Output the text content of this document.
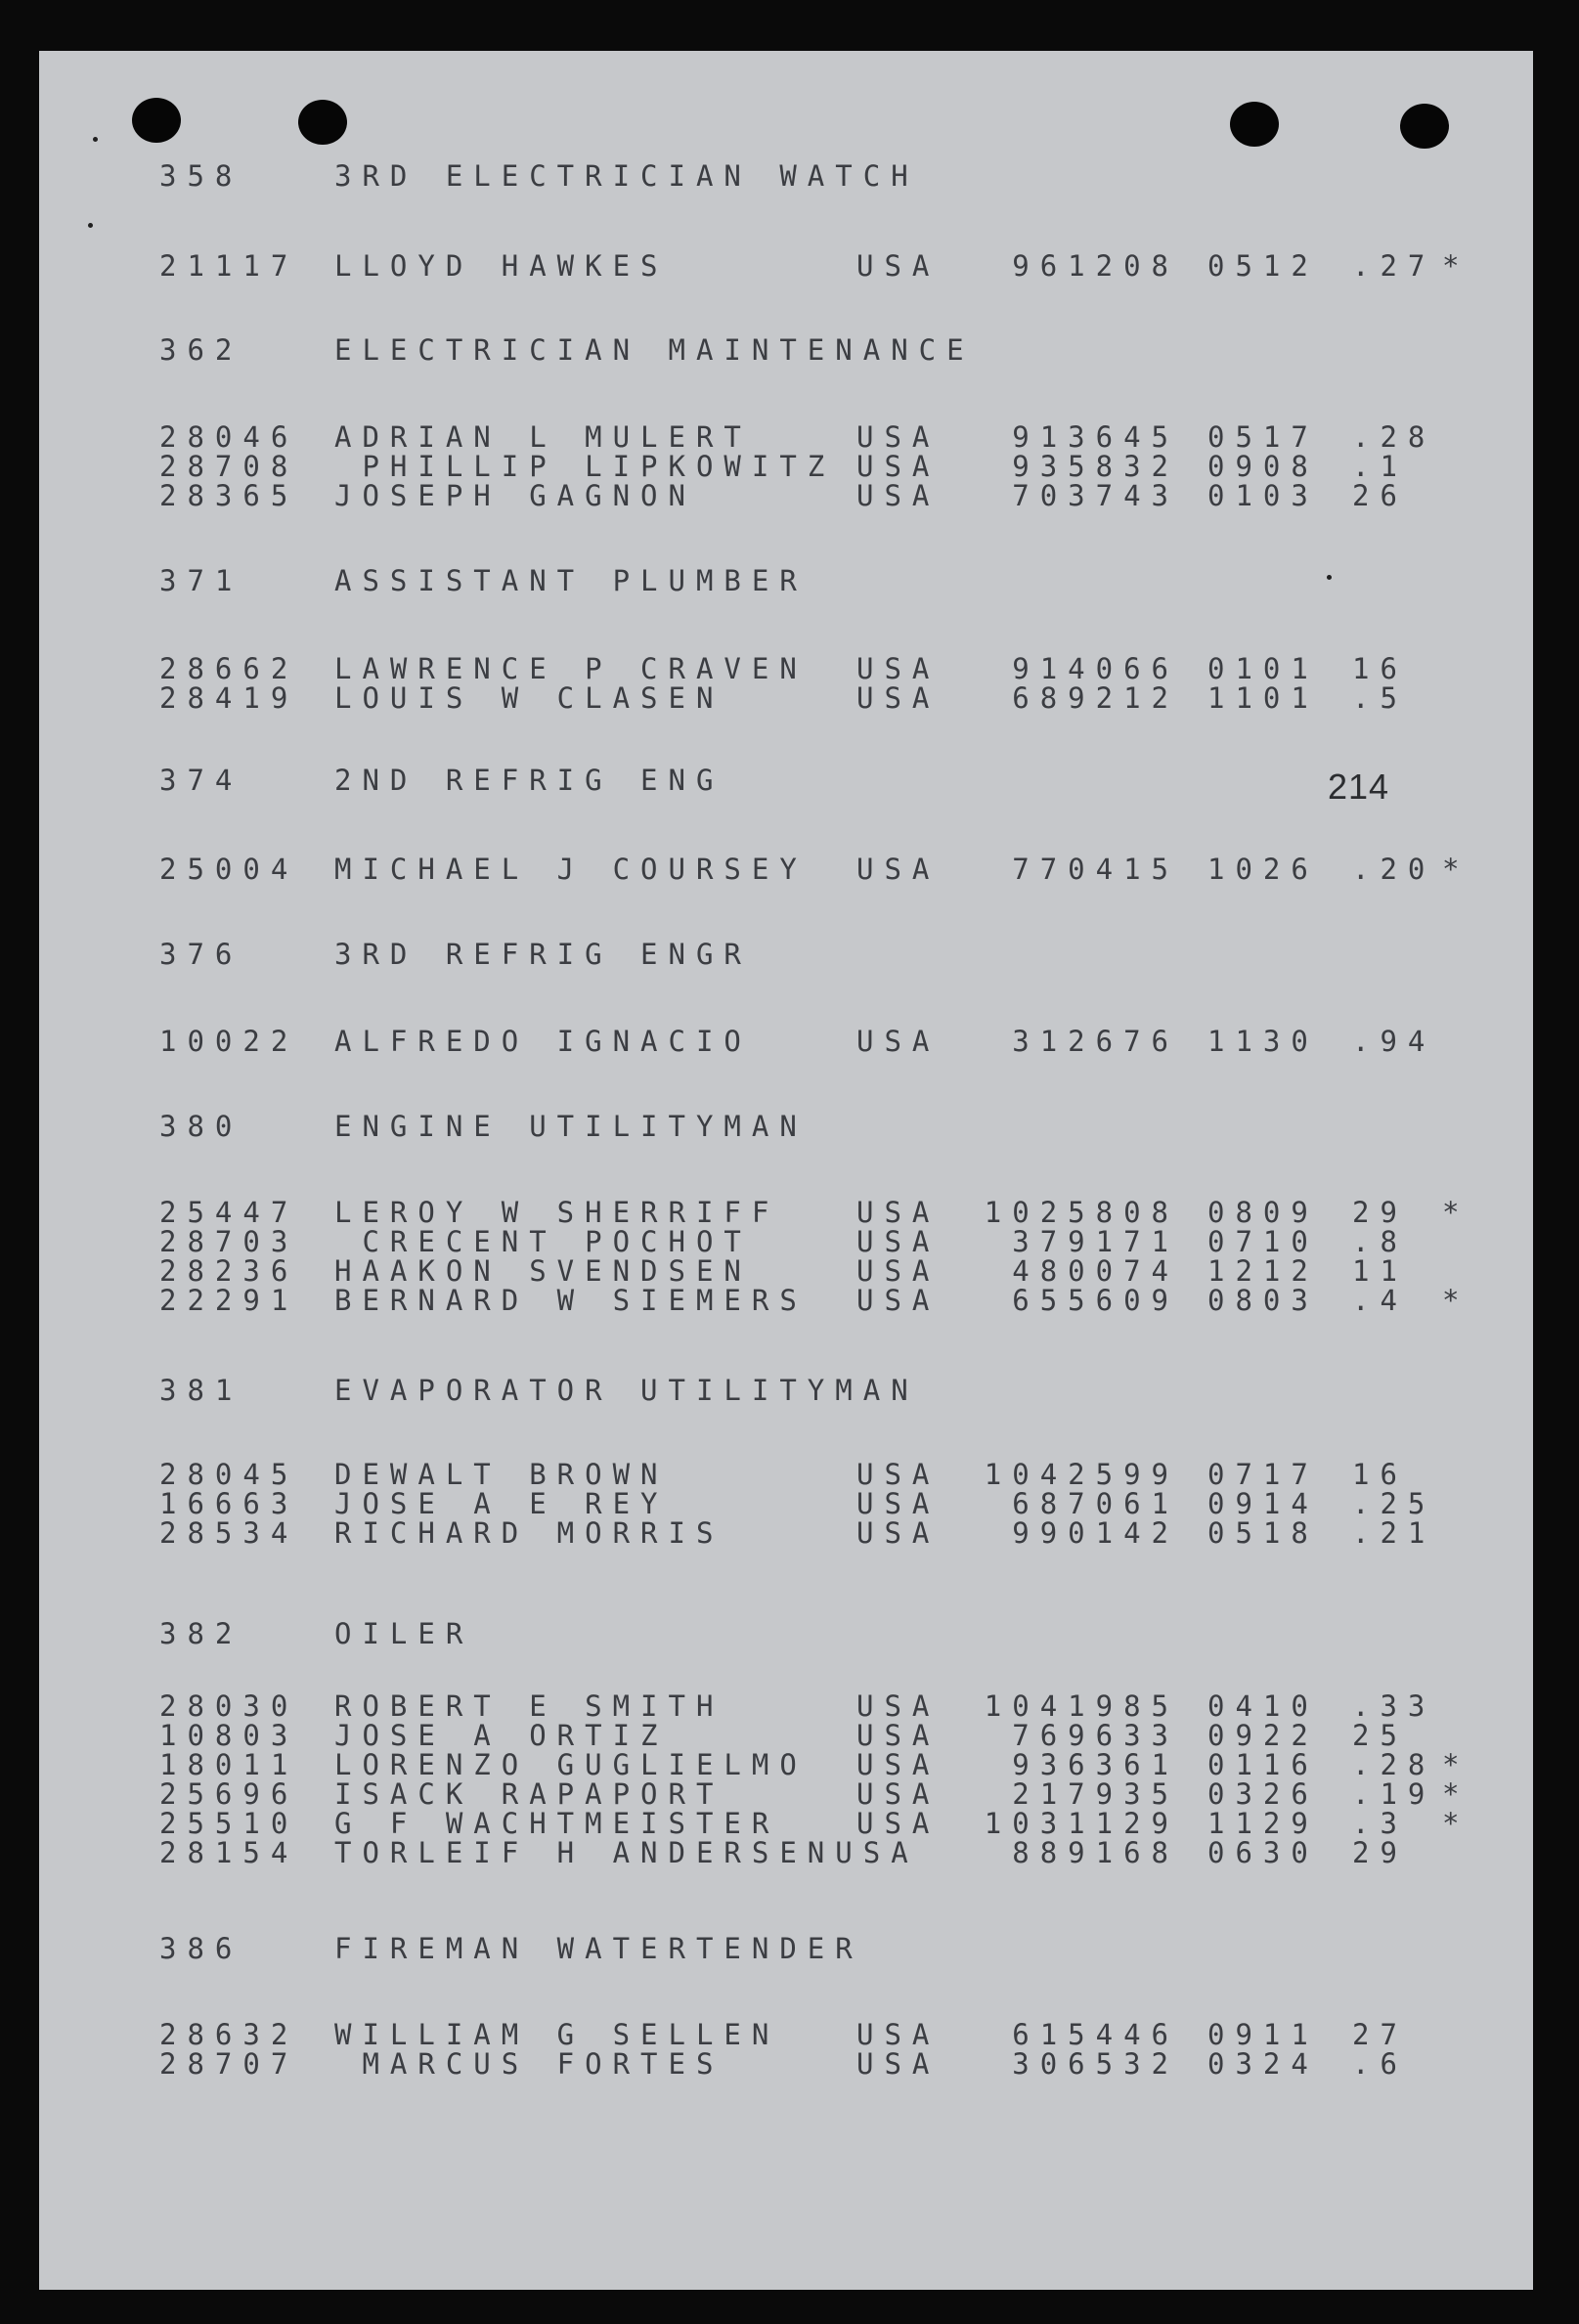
214
358	3RD ELECTRICIAN WATCH
21117 LLOYD HAWKES	USA	961208 0512 .27 *
362	ELECTRICIAN MAINTENANCE
28046 ADRIAN L MULERT	USA	913645 0517 .28
28708 PHILLIP LIPKOWITZ USA	935832 0908 .1
28365 JOSEPH GAGNON	USA	703743 0103 26
371	ASSISTANT PLUMBER
28662 LAWRENCE P CRAVEN USA	914066 0101 16
28419 LOUIS W CLASEN	USA	689212 1101 .5
374	2ND REFRIG ENG
25004 MICHAEL J COURSEY USA	770415 1026 .20 *
376	3RD REFRIG ENGR
10022 ALFREDO IGNACIO	USA	312676 1130 .94
380	ENGINE UTILITYMAN
25447 LEROY W SHERRIFF	USA	1025808 0809 29 *
28703 CRECENT POCHOT	USA	379171 0710 .8
28236 HAAKON SVENDSEN	USA	480074 1212 11
22291 BERNARD W SIEMERS USA	655609 0803 .4 *
381	EVAPORATOR UTILITYMAN
28045 DEWALT BROWN	USA	1042599 0717 16
16663 JOSE A E REY	USA	687061 0914 .25
28534 RICHARD MORRIS	USA	990142 0518 .21
382	OILER
28030 ROBERT E SMITH	USA	1041985 0410 .33
10803 JOSE A ORTIZ	USA	769633 0922 25
18011 LORENZO GUGLIELMO USA	936361 0116 .28 *
25696 ISACK RAPAPORT	USA	217935 0326 .19 *
25510 G F WACHTMEISTER	USA	1031129 1129 .3 *
28154 TORLEIF H ANDERSENUSA	889168 0630 29
386	FIREMAN WATERTENDER
28632 WILLIAM G SELLEN	USA	615446 0911 27
28707 MARCUS FORTES	USA	306532 0324 .6
